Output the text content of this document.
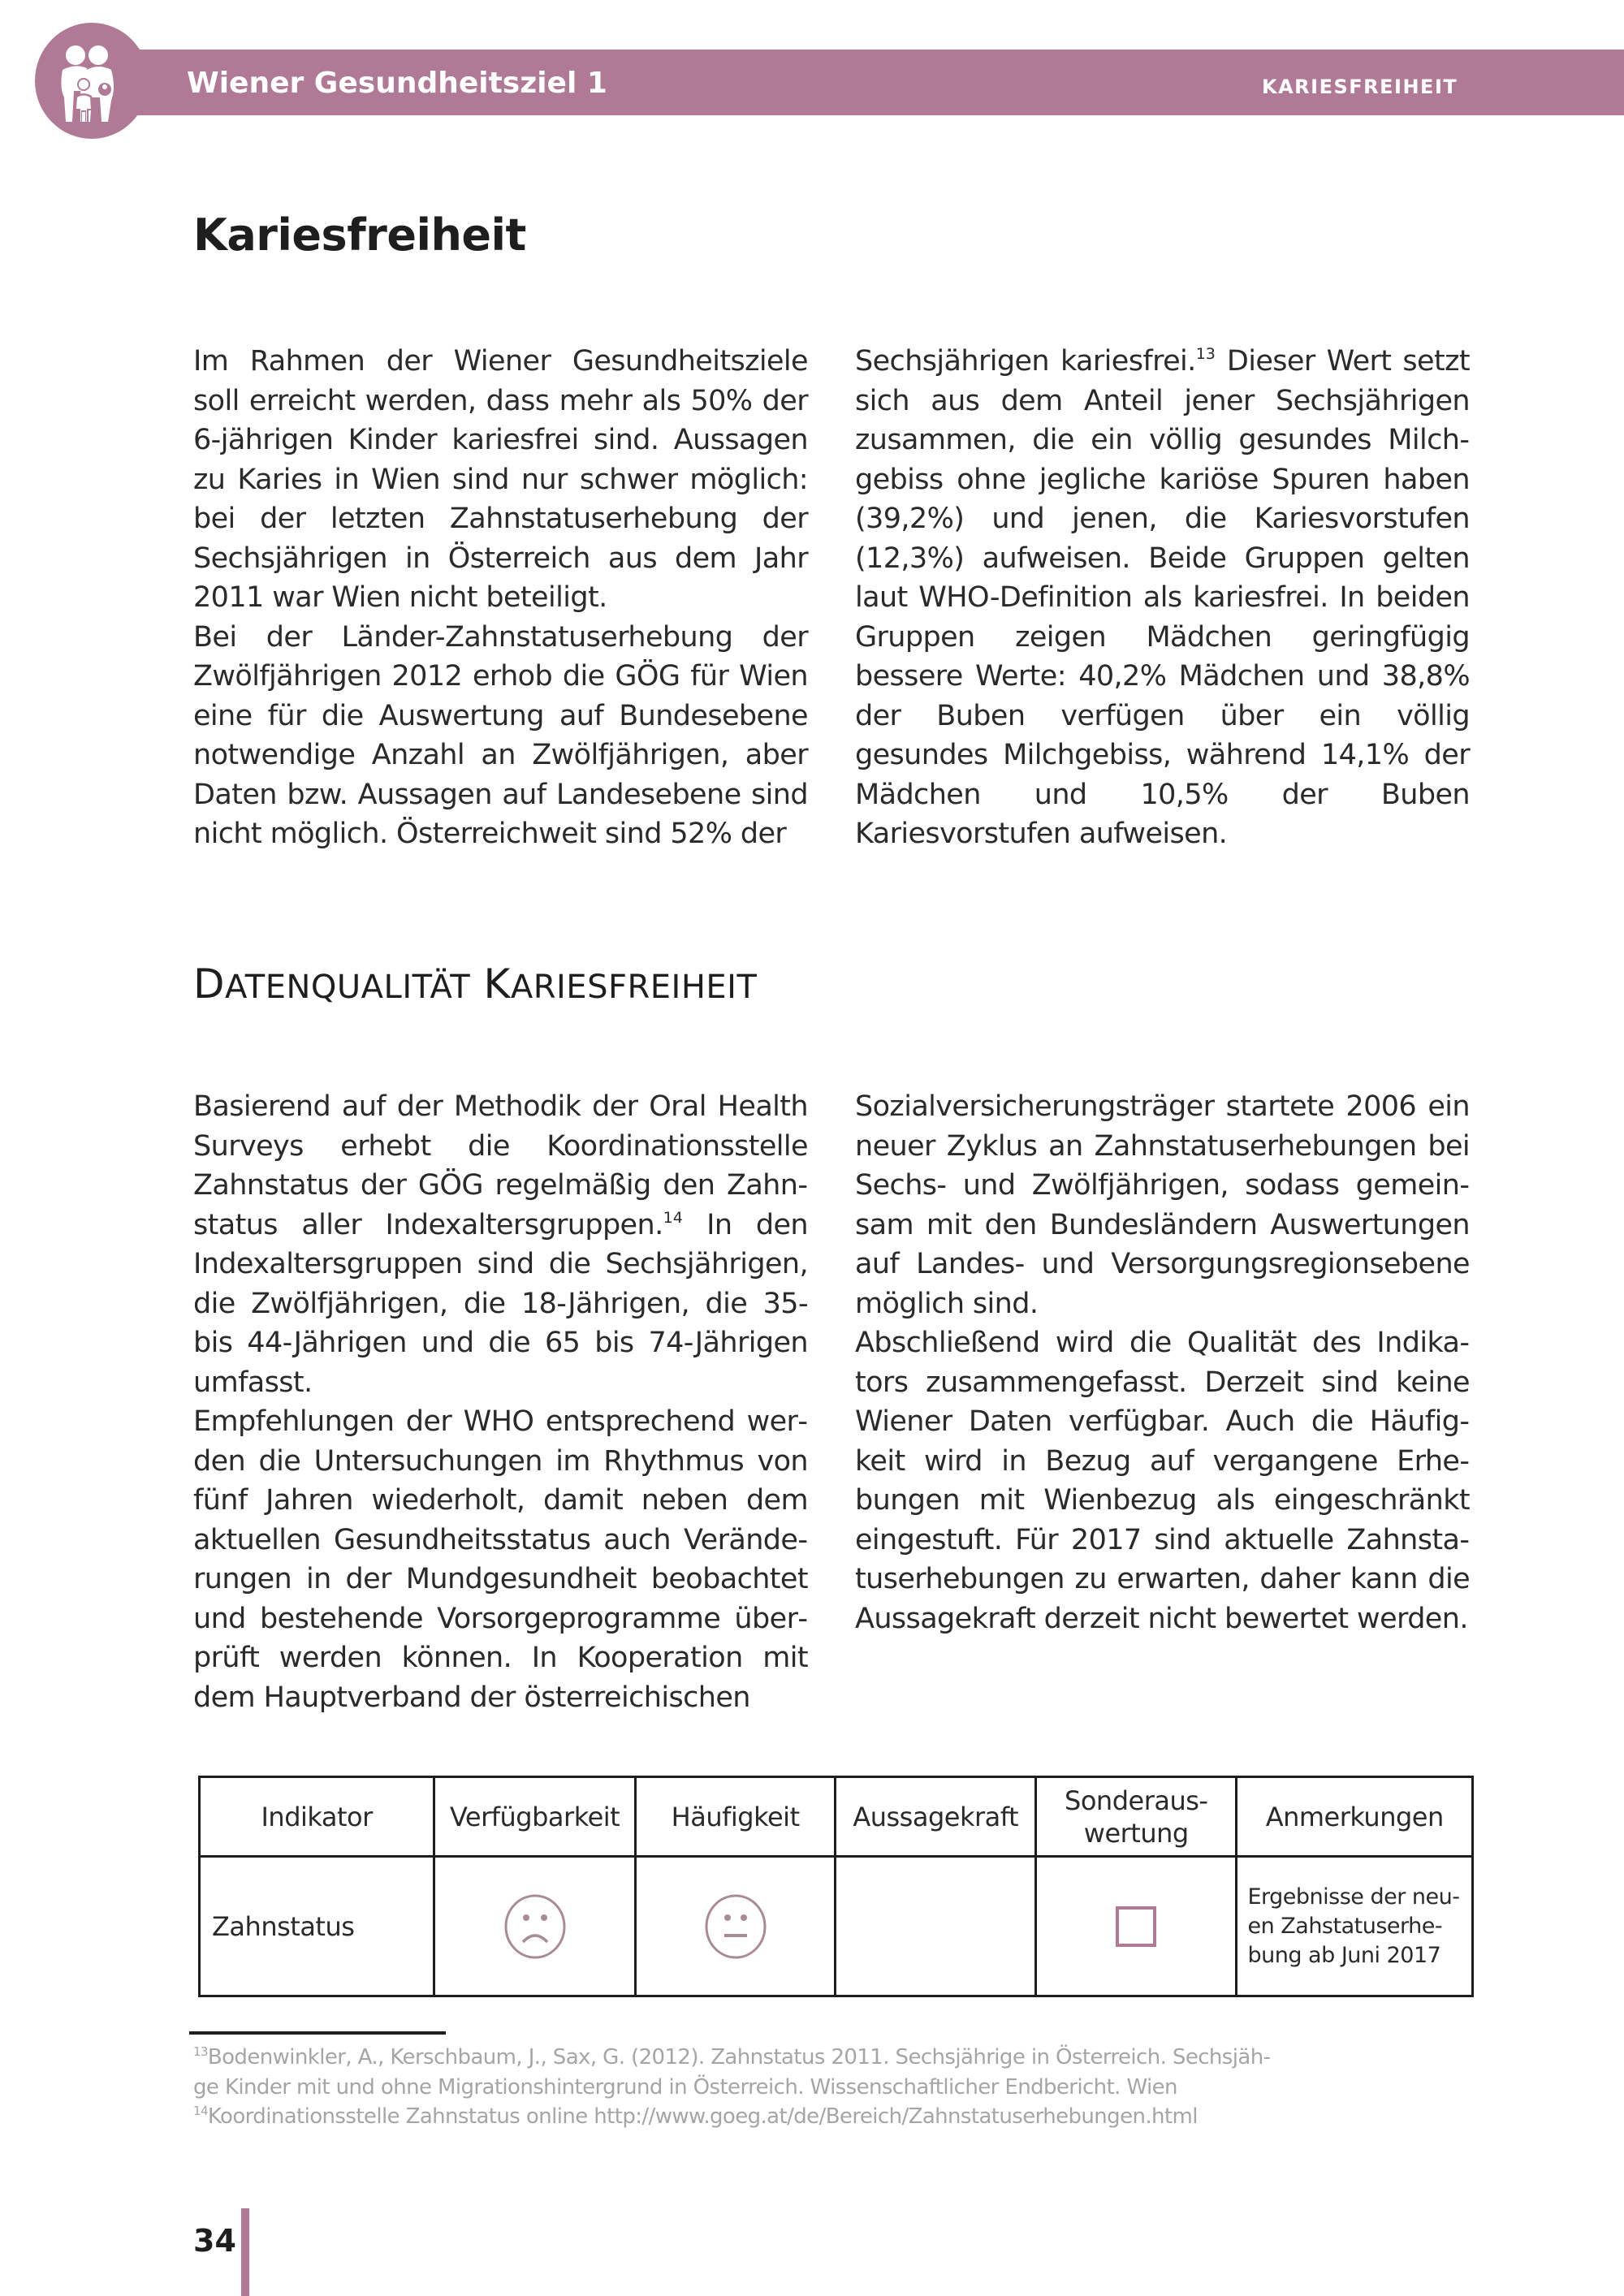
Wiener Gesundheitsziel 1	KARIESFREIHEIT
Kariesfreiheit

Im Rahmen der Wiener Gesundheitsziele soll erreicht werden, dass mehr als 50% der 6-jährigen Kinder kariesfrei sind. Aussagen zu Karies in Wien sind nur schwer möglich: bei der letzten Zahnstatuserhebung der Sechsjährigen in Österreich aus dem Jahr 2011 war Wien nicht beteiligt.

Bei der Länder-Zahnstatuserhebung der Zwölfjährigen 2012 erhob die GÖG für Wien eine für die Auswertung auf Bundesebene notwendige Anzahl an Zwölfjährigen, aber Daten bzw. Aussagen auf Landesebene sind nicht möglich. Österreichweit sind 52% der

Sechsjährigen kariesfrei.$^{13}$ Dieser Wert setzt sich aus dem Anteil jener Sechsjährigen zusammen, die ein völlig gesundes Milchgebiss ohne jegliche kariöse Spuren haben (39,2%) und jenen, die Kariesvorstufen (12,3%) aufweisen. Beide Gruppen gelten laut WHO-Definition als kariesfrei. In beiden Gruppen zeigen Mädchen geringfügig bessere Werte: 40,2% Mädchen und 38,8% der Buben verfügen über ein völlig gesundes Milchgebiss, während 14,1% der Mädchen und 10,5% der Buben Kariesvorstufen aufweisen.

DATENQUALITÄT KARIESFREIHEIT

Basierend auf der Methodik der Oral Health Surveys erhebt die Koordinationsstelle Zahnstatus der GÖG regelmäßig den Zahnstatus aller Indexaltersgruppen.$^{14}$ In den Indexaltersgruppen sind die Sechsjährigen, die Zwölfjährigen, die 18-Jährigen, die 35- bis 44-Jährigen und die 65 bis 74-Jährigen umfasst.

Empfehlungen der WHO entsprechend werden die Untersuchungen im Rhythmus von fünf Jahren wiederholt, damit neben dem aktuellen Gesundheitsstatus auch Veränderungen in der Mundgesundheit beobachtet und bestehende Vorsorgeprogramme überprüft werden können. In Kooperation mit dem Hauptverband der österreichischen

Sozialversicherungsträger startete 2006 ein neuer Zyklus an Zahnstatuserhebungen bei Sechs- und Zwölfjährigen, sodass gemeinsam mit den Bundesländern Auswertungen auf Landes- und Versorgungsregionsebene möglich sind.

Abschließend wird die Qualität des Indikators zusammengefasst. Derzeit sind keine Wiener Daten verfügbar. Auch die Häufigkeit wird in Bezug auf vergangene Erhebungen mit Wienbezug als eingeschränkt eingestuft. Für 2017 sind aktuelle Zahnstatuserhebungen zu erwarten, daher kann die Aussagekraft derzeit nicht bewertet werden.

Indikator	Verfügbarkeit	Häufigkeit	Aussagekraft	Sonderaus-
wertung	Anmerkungen
Zahnstatus					Ergebnisse der neu-
en Zahstatuserhe-
bung ab Juni 2017
$^{13}$Bodenwinkler, A., Kerschbaum, J., Sax, G. (2012). Zahnstatus 2011. Sechsjährige in Österreich. Sechsjäh-
ge Kinder mit und ohne Migrationshintergrund in Österreich. Wissenschaftlicher Endbericht. Wien
$^{14}$Koordinationsstelle Zahnstatus online http://www.goeg.at/de/Bereich/Zahnstatuserhebungen.html
34
